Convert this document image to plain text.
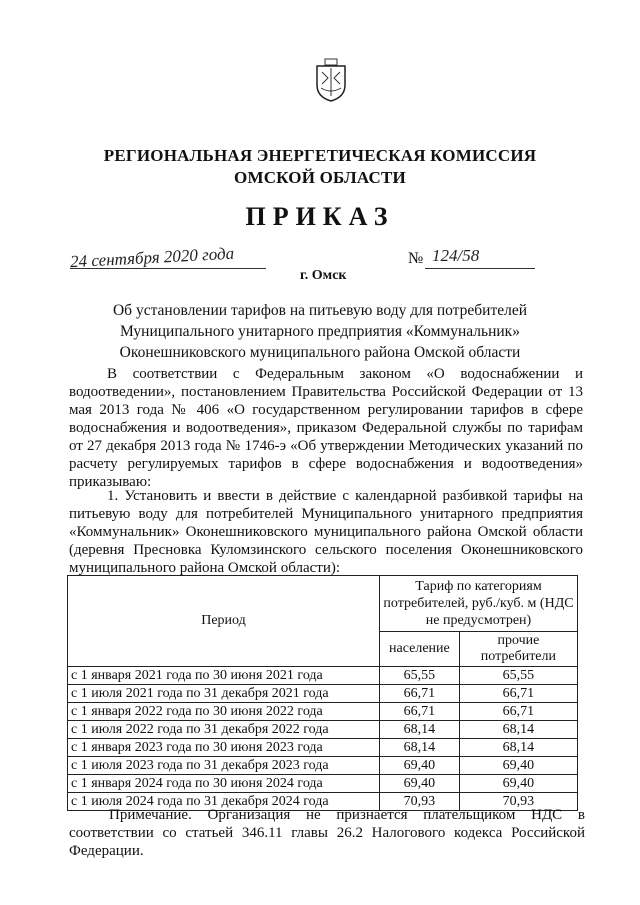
РЕГИОНАЛЬНАЯ ЭНЕРГЕТИЧЕСКАЯ КОМИССИЯ
ОМСКОЙ ОБЛАСТИ
ПРИКАЗ
24 сентября 2020 года	№ 124/58
г. Омск
Об установлении тарифов на питьевую воду для потребителей
Муниципального унитарного предприятия «Коммунальник»
Оконешниковского муниципального района Омской области
В соответствии с Федеральным законом «О водоснабжении и водоотведении», постановлением Правительства Российской Федерации от 13 мая 2013 года № 406 «О государственном регулировании тарифов в сфере водоснабжения и водоотведения», приказом Федеральной службы по тарифам от 27 декабря 2013 года № 1746-э «Об утверждении Методических указаний по расчету регулируемых тарифов в сфере водоснабжения и водоотведения» приказываю:
1. Установить и ввести в действие с календарной разбивкой тарифы на питьевую воду для потребителей Муниципального унитарного предприятия «Коммунальник» Оконешниковского муниципального района Омской области (деревня Пресновка Куломзинского сельского поселения Оконешниковского муниципального района Омской области):
Период	Тариф по категориям потребителей, руб./куб. м (НДС не предусмотрен)	
	население	прочие потребители
с 1 января 2021 года по 30 июня 2021 года	65,55	65,55
с 1 июля 2021 года по 31 декабря 2021 года	66,71	66,71
с 1 января 2022 года по 30 июня 2022 года	66,71	66,71
с 1 июля 2022 года по 31 декабря 2022 года	68,14	68,14
с 1 января 2023 года по 30 июня 2023 года	68,14	68,14
с 1 июля 2023 года по 31 декабря 2023 года	69,40	69,40
с 1 января 2024 года по 30 июня 2024 года	69,40	69,40
с 1 июля 2024 года по 31 декабря 2024 года	70,93	70,93
Примечание. Организация не признается плательщиком НДС в соответствии со статьей 346.11 главы 26.2 Налогового кодекса Российской Федерации.
